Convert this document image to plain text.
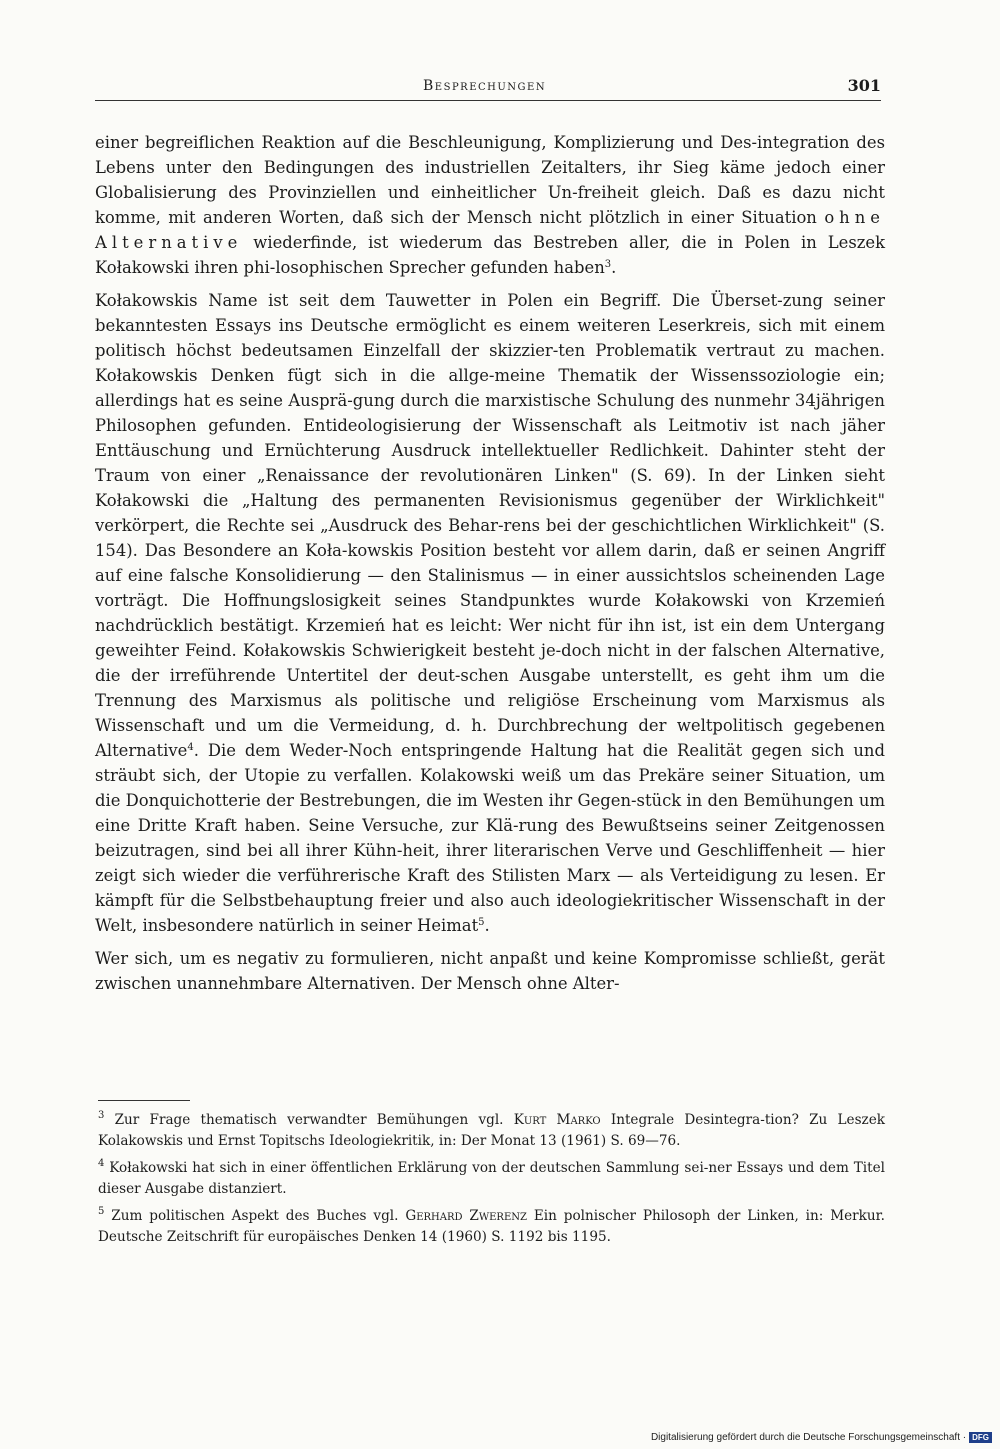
Besprechungen	301

einer begreiflichen Reaktion auf die Beschleunigung, Komplizierung und Des-integration des Lebens unter den Bedingungen des industriellen Zeitalters, ihr Sieg käme jedoch einer Globalisierung des Provinziellen und einheitlicher Un-freiheit gleich. Daß es dazu nicht komme, mit anderen Worten, daß sich der Mensch nicht plötzlich in einer Situation ohne Alternative wiederfinde, ist wiederum das Bestreben aller, die in Polen in Leszek Kołakowski ihren phi-losophischen Sprecher gefunden haben$^3$.

Kołakowskis Name ist seit dem Tauwetter in Polen ein Begriff. Die Überset-zung seiner bekanntesten Essays ins Deutsche ermöglicht es einem weiteren Leserkreis, sich mit einem politisch höchst bedeutsamen Einzelfall der skizzier-ten Problematik vertraut zu machen. Kołakowskis Denken fügt sich in die allge-meine Thematik der Wissenssoziologie ein; allerdings hat es seine Ausprä-gung durch die marxistische Schulung des nunmehr 34jährigen Philosophen gefunden. Entideologisierung der Wissenschaft als Leitmotiv ist nach jäher Enttäuschung und Ernüchterung Ausdruck intellektueller Redlichkeit. Dahinter steht der Traum von einer „Renaissance der revolutionären Linken" (S. 69). In der Linken sieht Kołakowski die „Haltung des permanenten Revisionismus gegenüber der Wirklichkeit" verkörpert, die Rechte sei „Ausdruck des Behar-rens bei der geschichtlichen Wirklichkeit" (S. 154). Das Besondere an Koła-kowskis Position besteht vor allem darin, daß er seinen Angriff auf eine falsche Konsolidierung — den Stalinismus — in einer aussichtslos scheinenden Lage vorträgt. Die Hoffnungslosigkeit seines Standpunktes wurde Kołakowski von Krzemień nachdrücklich bestätigt. Krzemień hat es leicht: Wer nicht für ihn ist, ist ein dem Untergang geweihter Feind. Kołakowskis Schwierigkeit besteht je-doch nicht in der falschen Alternative, die der irreführende Untertitel der deut-schen Ausgabe unterstellt, es geht ihm um die Trennung des Marxismus als politische und religiöse Erscheinung vom Marxismus als Wissenschaft und um die Vermeidung, d. h. Durchbrechung der weltpolitisch gegebenen Alternative$^4$. Die dem Weder-Noch entspringende Haltung hat die Realität gegen sich und sträubt sich, der Utopie zu verfallen. Kolakowski weiß um das Prekäre seiner Situation, um die Donquichotterie der Bestrebungen, die im Westen ihr Gegen-stück in den Bemühungen um eine Dritte Kraft haben. Seine Versuche, zur Klä-rung des Bewußtseins seiner Zeitgenossen beizutragen, sind bei all ihrer Kühn-heit, ihrer literarischen Verve und Geschliffenheit — hier zeigt sich wieder die verführerische Kraft des Stilisten Marx — als Verteidigung zu lesen. Er kämpft für die Selbstbehauptung freier und also auch ideologiekritischer Wissenschaft in der Welt, insbesondere natürlich in seiner Heimat$^5$.

Wer sich, um es negativ zu formulieren, nicht anpaßt und keine Kompromisse schließt, gerät zwischen unannehmbare Alternativen. Der Mensch ohne Alter-

$^3$ Zur Frage thematisch verwandter Bemühungen vgl. Kurt Marko Integrale Desintegra-tion? Zu Leszek Kolakowskis und Ernst Topitschs Ideologiekritik, in: Der Monat 13 (1961) S. 69—76.

$^4$ Kołakowski hat sich in einer öffentlichen Erklärung von der deutschen Sammlung sei-ner Essays und dem Titel dieser Ausgabe distanziert.

$^5$ Zum politischen Aspekt des Buches vgl. Gerhard Zwerenz Ein polnischer Philosoph der Linken, in: Merkur. Deutsche Zeitschrift für europäisches Denken 14 (1960) S. 1192 bis 1195.

Digitalisierung gefördert durch die Deutsche Forschungsgemeinschaft · DFG
